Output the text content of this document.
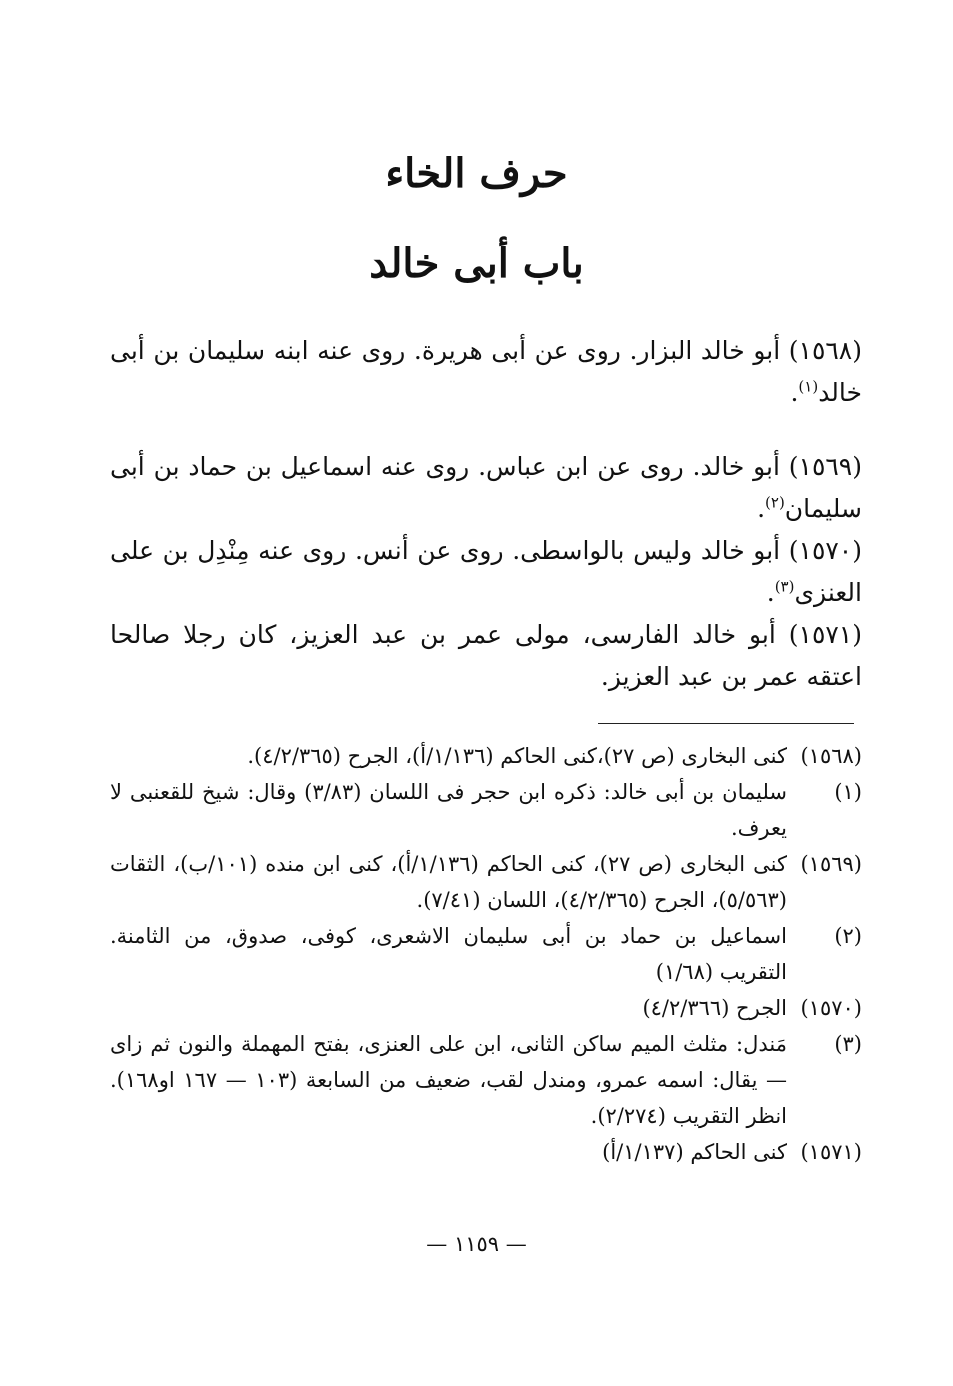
حرف الخاء
باب أبى خالد

(١٥٦٨) أبو خالد البزار. روى عن أبى هريرة. روى عنه ابنه سليمان بن أبى خالد$^{(١)}$.

(١٥٦٩) أبو خالد. روى عن ابن عباس. روى عنه اسماعيل بن حماد بن أبى سليمان$^{(٢)}$.

(١٥٧٠) أبو خالد وليس بالواسطى. روى عن أنس. روى عنه مِنْدِل بن على العنزى$^{(٣)}$.

(١٥٧١) أبو خالد الفارسى، مولى عمر بن عبد العزيز، كان رجلا صالحا اعتقه عمر بن عبد العزيز.

(١٥٦٨)
كنى البخارى (ص ٢٧)،كنى الحاكم (١/١٣٦/أ)، الجرح (٤/٢/٣٦٥).
(١)
سليمان بن أبى خالد: ذكره ابن حجر فى اللسان (٣/٨٣) وقال: شيخ للقعنبى لا يعرف.
(١٥٦٩)
كنى البخارى (ص ٢٧)، كنى الحاكم (١/١٣٦/أ)، كنى ابن منده (١٠١/ب)، الثقات (٥/٥٦٣)، الجرح (٤/٢/٣٦٥)، اللسان (٧/٤١).
(٢)
اسماعيل بن حماد بن أبى سليمان الاشعرى، كوفى، صدوق، من الثامنة. التقريب (١/٦٨)
(١٥٧٠)
الجرح (٤/٢/٣٦٦)
(٣)
مَندل: مثلث الميم ساكن الثانى، ابن على العنزى، بفتح المهملة والنون ثم زاى — يقال: اسمه عمرو، ومندل لقب، ضعيف من السابعة (١٠٣ — ١٦٧ او١٦٨). انظر التقريب (٢/٢٧٤).
(١٥٧١)
كنى الحاكم (١/١٣٧/أ)
— ١١٥٩ —
